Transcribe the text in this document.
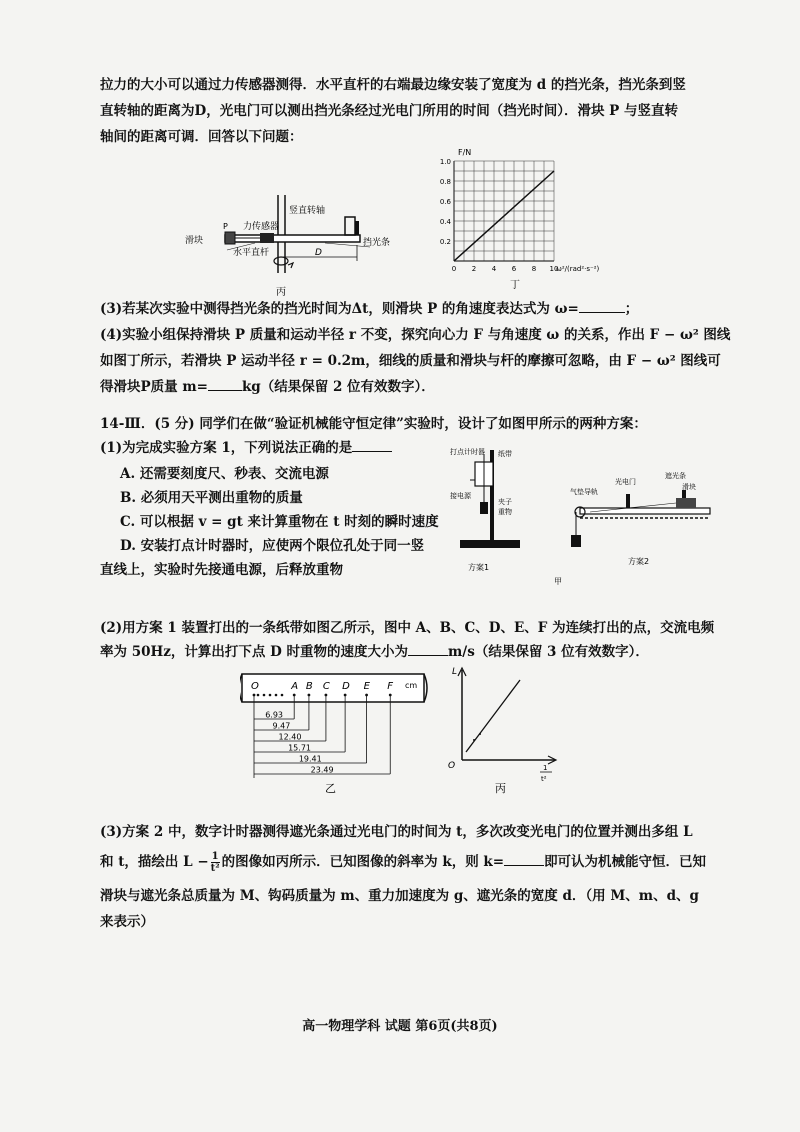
拉力的大小可以通过力传感器测得．水平直杆的右端最边缘安装了宽度为 d 的挡光条，挡光条到竖
直转轴的距离为D，光电门可以测出挡光条经过光电门所用的时间（挡光时间）．滑块 P 与竖直转
轴间的距离可调．回答以下问题：
竖直转轴
力传感器
P
滑块
水平直杆	D
挡光条
丙
0.2
0.4
0.6
0.8
1.0
0 2 4 6 8 10
F/N
ω²/(rad²·s⁻²)
丁
(3)若某次实验中测得挡光条的挡光时间为Δt，则滑块 P 的角速度表达式为 ω=	；
(4)实验小组保持滑块 P 质量和运动半径 r 不变，探究向心力 F 与角速度 ω 的关系，作出 F − ω² 图线
如图丁所示，若滑块 P 运动半径 r = 0.2m，细线的质量和滑块与杆的摩擦可忽略，由 F − ω² 图线可
得滑块P质量 m=	kg（结果保留 2 位有效数字）．
14-Ⅲ．(5 分) 同学们在做“验证机械能守恒定律”实验时，设计了如图甲所示的两种方案：
(1)为完成实验方案 1，下列说法正确的是
A. 还需要刻度尺、秒表、交流电源
B. 必须用天平测出重物的质量
C. 可以根据 v = gt 来计算重物在 t 时刻的瞬时速度
D. 安装打点计时器时，应使两个限位孔处于同一竖
直线上，实验时先接通电源，后释放重物
打点计时器 纸带
夹子
重物
接电源
方案1
气垫导轨
光电门
遮光条
滑块
方案2
甲
(2)用方案 1 装置打出的一条纸带如图乙所示，图中 A、B、C、D、E、F 为连续打出的点，交流电频
率为 50Hz，计算出打下点 D 时重物的速度大小为	m/s（结果保留 3 位有效数字）．
O	A B C D E F
6.93
9.47
12.40
15.71
19.41
23.49
cm
乙
L
O	1
t²
丙
(3)方案 2 中，数字计时器测得遮光条通过光电门的时间为 t，多次改变光电门的位置并测出多组 L
和 t，描绘出 $L - \frac{1}{\text{t²}}$ 的图像如丙所示．已知图像的斜率为 k，则 k=	即可认为机械能守恒．已知
滑块与遮光条总质量为 M、钩码质量为 m、重力加速度为 g、遮光条的宽度 d．（用 M、m、d、g
来表示）
高一物理学科 试题 第6页(共8页)
